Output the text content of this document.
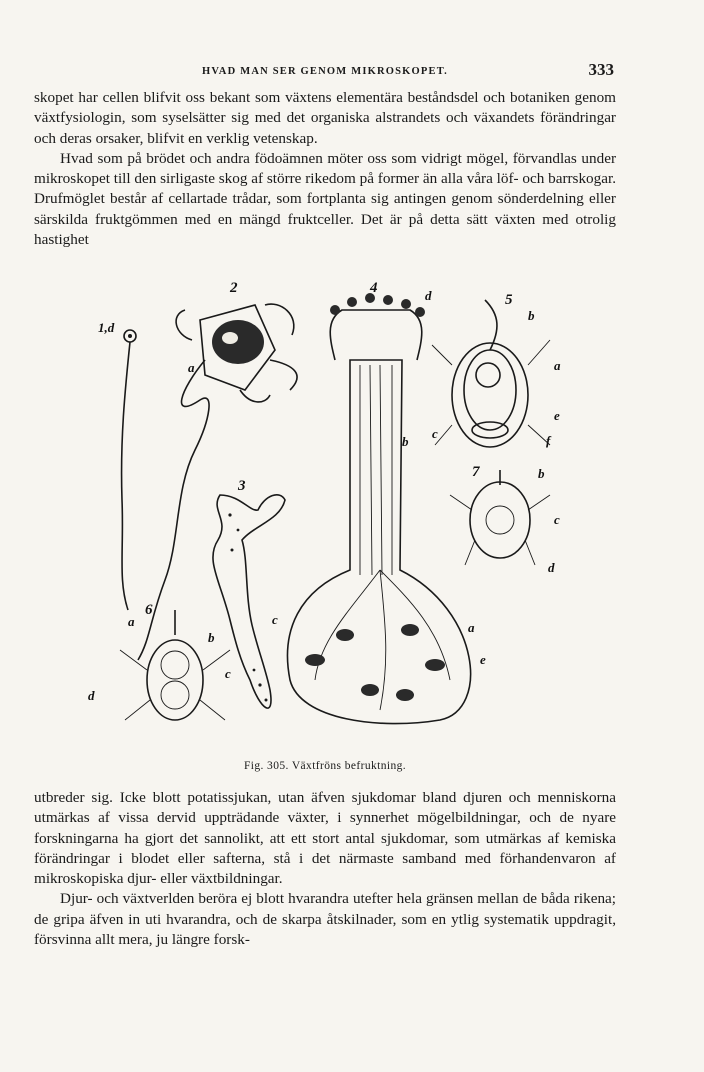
HVAD MAN SER GENOM MIKROSKOPET.	333

skopet har cellen blifvit oss bekant som växtens elementära beståndsdel och botaniken genom växtfysiologin, som syselsätter sig med det organiska alstrandets och växandets förändringar och deras orsaker, blifvit en verklig vetenskap.

Hvad som på brödet och andra födoämnen möter oss som vidrigt mögel, förvandlas under mikroskopet till den sirligaste skog af större rikedom på former än alla våra löf- och barrskogar. Drufmöglet består af cellartade trådar, som fortplanta sig antingen genom sönderdelning eller särskilda fruktgömmen med en mängd fruktceller. Det är på detta sätt växten med otrolig hastighet

1,d
2
3
4
5
6
7
a
d
b
c
a
e
b
a
e
f
c
b
c
d
a
b
c
d
Fig. 305. Växtfröns befruktning.

utbreder sig. Icke blott potatissjukan, utan äfven sjukdomar bland djuren och menniskorna utmärkas af vissa dervid uppträdande växter, i synnerhet mögelbildningar, och de nyare forskningarna ha gjort det sannolikt, att ett stort antal sjukdomar, som utmärkas af kemiska förändringar i blodet eller safterna, stå i det närmaste samband med förhandenvaron af mikroskopiska djur- eller växtbildningar.

Djur- och växtverlden beröra ej blott hvarandra utefter hela gränsen mellan de båda rikena; de gripa äfven in uti hvarandra, och de skarpa åtskilnader, som en ytlig systematik uppdragit, försvinna allt mera, ju längre forsk-
